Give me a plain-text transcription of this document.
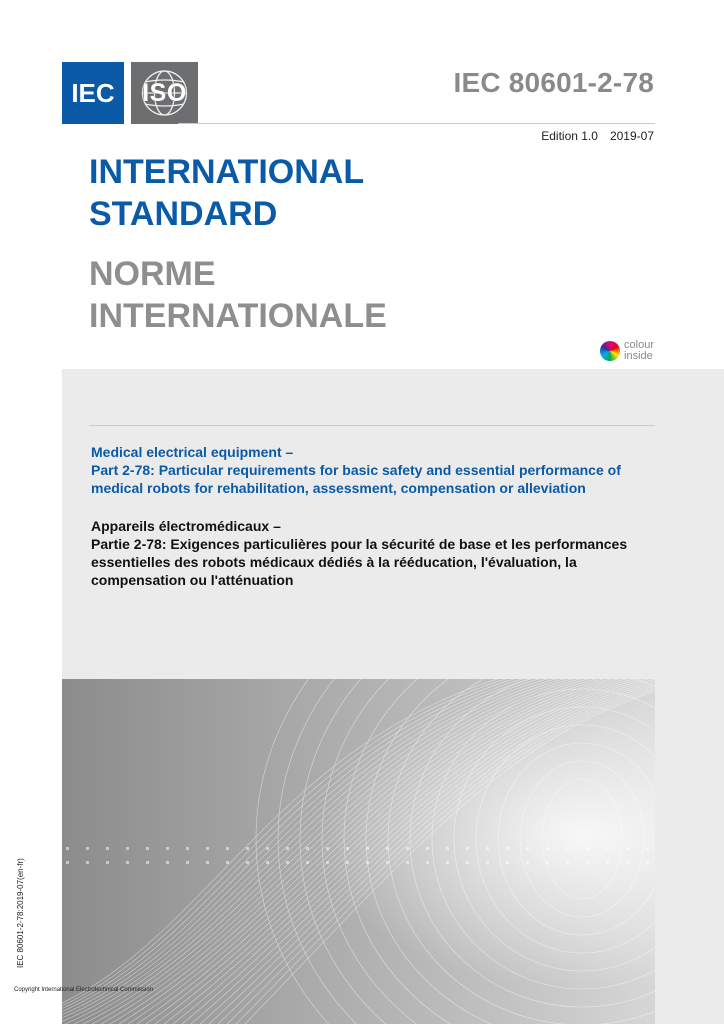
IEC ISO	IEC 80601-2-78
Edition 1.0 2019-07
INTERNATIONAL
STANDARD
NORME
INTERNATIONALE
colour
inside
Medical electrical equipment –
Part 2-78: Particular requirements for basic safety and essential performance of
medical robots for rehabilitation, assessment, compensation or alleviation
Appareils électromédicaux –
Partie 2-78: Exigences particulières pour la sécurité de base et les performances
essentielles des robots médicaux dédiés à la rééducation, l'évaluation, la
compensation ou l'atténuation
IEC 80601-2-78:2019-07(en-fr)
Copyright International Electrotechnical Commission
